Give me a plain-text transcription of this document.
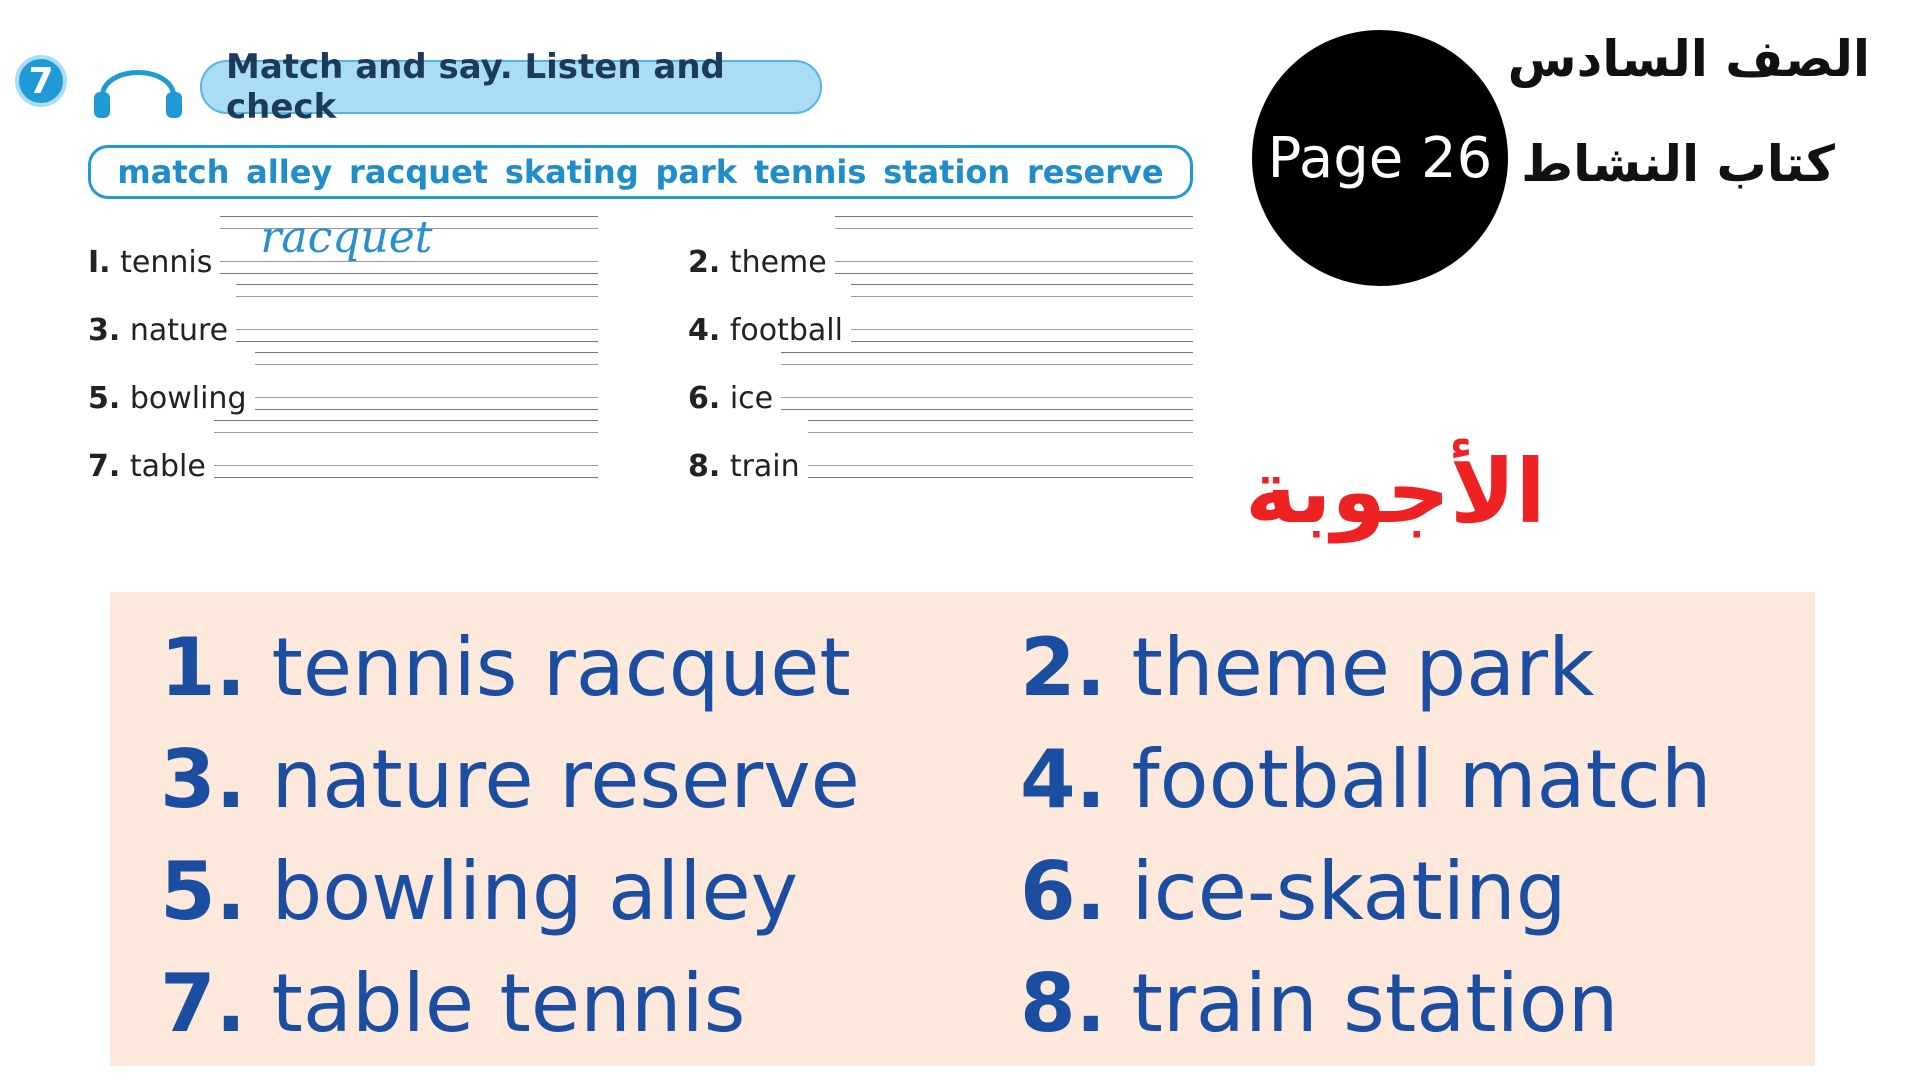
7	Match and say. Listen and check
match alley racquet skating park tennis station reserve
I. tennis racquet
3. nature
5. bowling
7. table
2. theme
4. football
6. ice
8. train
Page 26
الصف السادس
كتاب النشاط
الأجوبة
1. tennis racquet	2. theme park
3. nature reserve	4. football match
5. bowling alley	6. ice-skating
7. table tennis	8. train station
